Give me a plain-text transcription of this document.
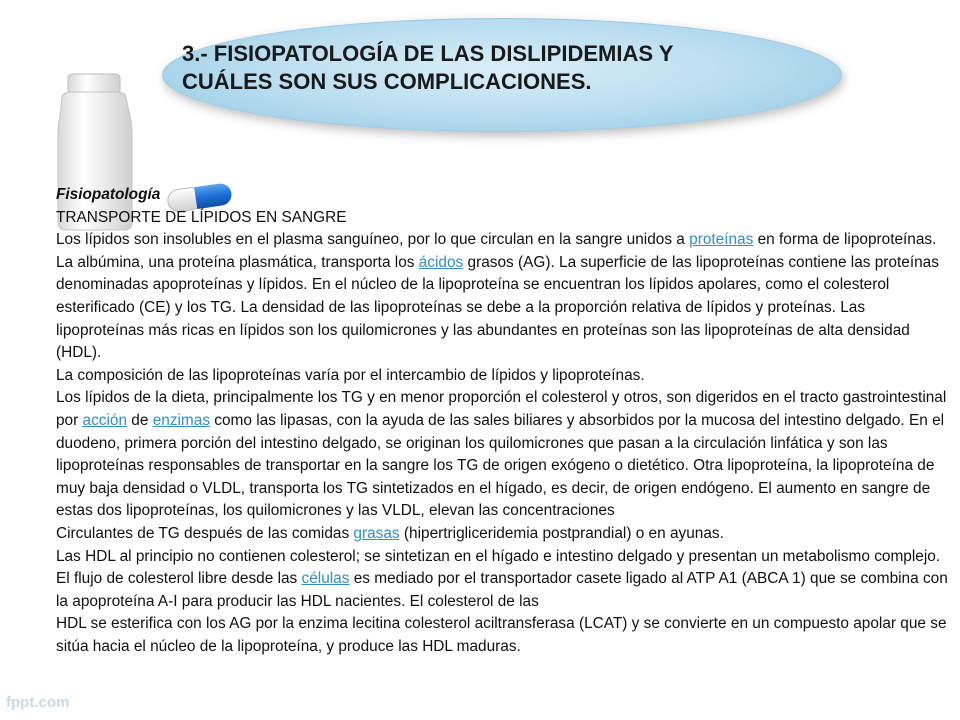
3.- FISIOPATOLOGÍA DE LAS DISLIPIDEMIAS Y
CUÁLES SON SUS COMPLICACIONES.

Fisiopatología

TRANSPORTE DE LÍPIDOS EN SANGRE

Los lípidos son insolubles en el plasma sanguíneo, por lo que circulan en la sangre unidos a proteínas en forma de lipoproteínas. La albúmina, una proteína plasmática, transporta los ácidos grasos (AG). La superficie de las lipoproteínas contiene las proteínas denominadas apoproteínas y lípidos. En el núcleo de la lipoproteína se encuentran los lípidos apolares, como el colesterol esterificado (CE) y los TG. La densidad de las lipoproteínas se debe a la proporción relativa de lípidos y proteínas. Las lipoproteínas más ricas en lípidos son los quilomicrones y las abundantes en proteínas son las lipoproteínas de alta densidad (HDL).

La composición de las lipoproteínas varía por el intercambio de lípidos y lipoproteínas.

Los lípidos de la dieta, principalmente los TG y en menor proporción el colesterol y otros, son digeridos en el tracto gastrointestinal por acción de enzimas como las lipasas, con la ayuda de las sales biliares y absorbidos por la mucosa del intestino delgado. En el duodeno, primera porción del intestino delgado, se originan los quilomicrones que pasan a la circulación linfática y son las lipoproteínas responsables de transportar en la sangre los TG de origen exógeno o dietético. Otra lipoproteína, la lipoproteína de muy baja densidad o VLDL, transporta los TG sintetizados en el hígado, es decir, de origen endógeno. El aumento en sangre de estas dos lipoproteínas, los quilomicrones y las VLDL, elevan las concentraciones

Circulantes de TG después de las comidas grasas (hipertrigliceridemia postprandial) o en ayunas.

Las HDL al principio no contienen colesterol; se sintetizan en el hígado e intestino delgado y presentan un metabolismo complejo. El flujo de colesterol libre desde las células es mediado por el transportador casete ligado al ATP A1 (ABCA 1) que se combina con la apoproteína A-I para producir las HDL nacientes. El colesterol de las

HDL se esterifica con los AG por la enzima lecitina colesterol aciltransferasa (LCAT) y se convierte en un compuesto apolar que se sitúa hacia el núcleo de la lipoproteína, y produce las HDL maduras.

fppt.com
